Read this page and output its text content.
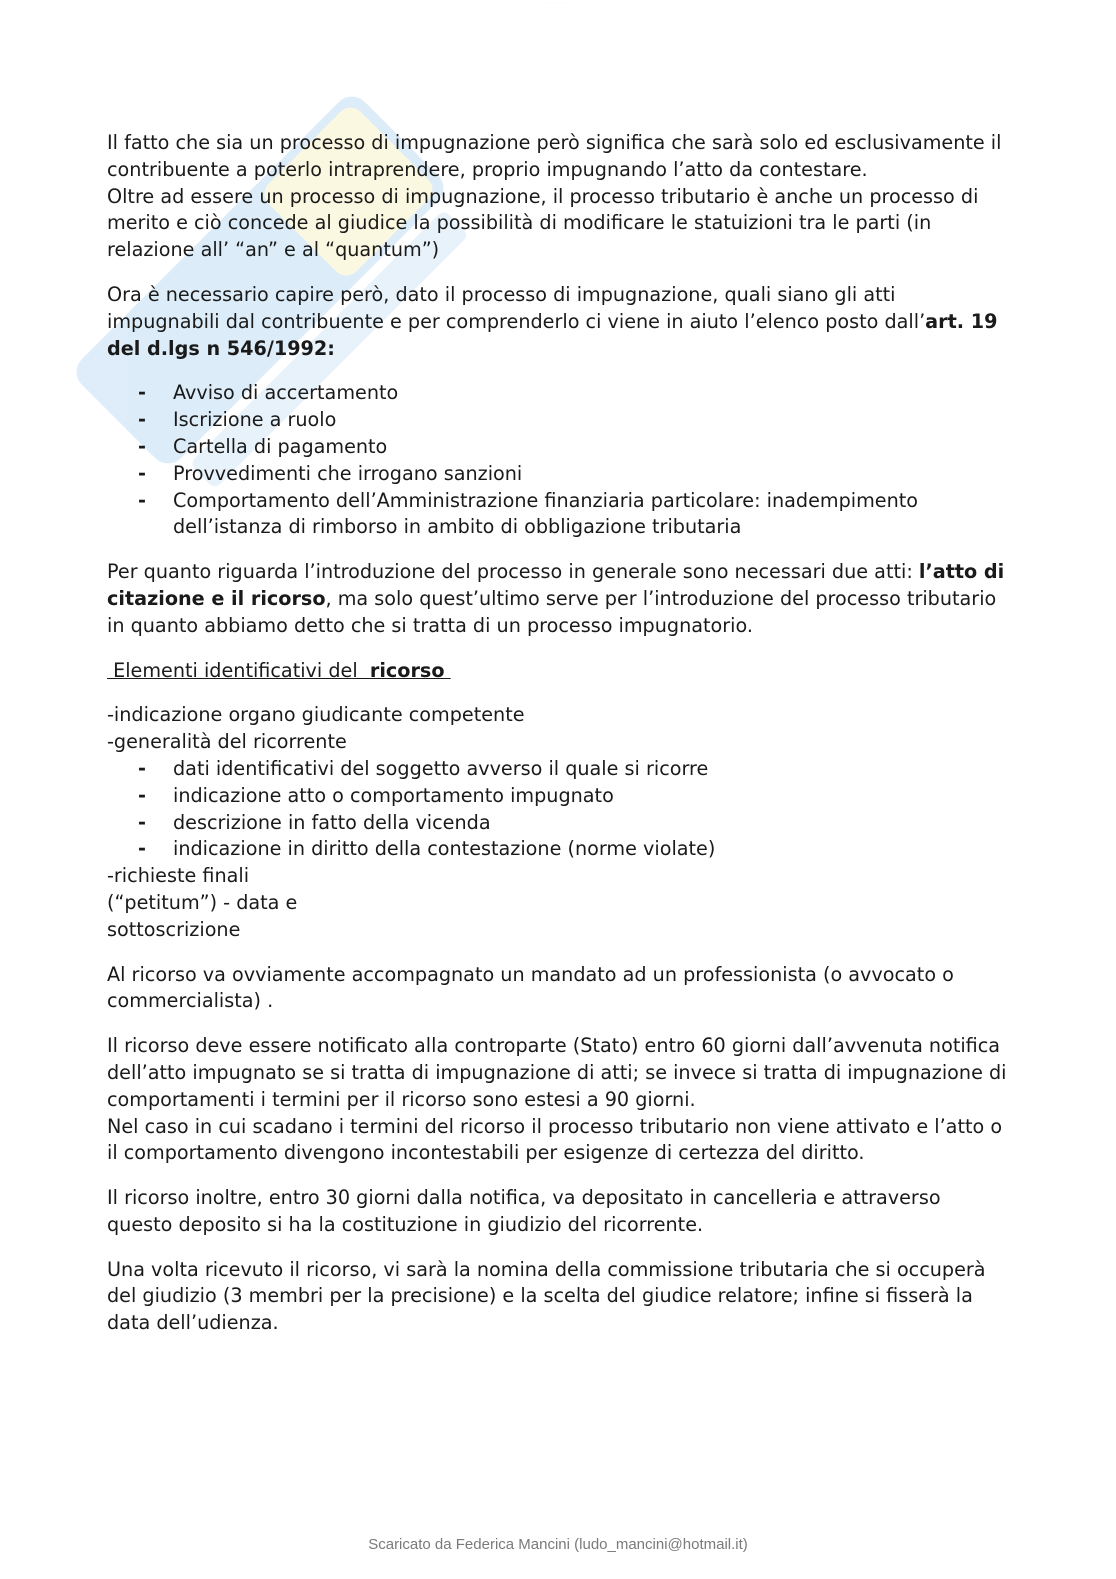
· · · · · · · · · · · ·

Il fatto che sia un processo di impugnazione però significa che sarà solo ed esclusivamente il contribuente a poterlo intraprendere, proprio impugnando l’atto da contestare.

Oltre ad essere un processo di impugnazione, il processo tributario è anche un processo di merito e ciò concede al giudice la possibilità di modificare le statuizioni tra le parti (in relazione all’ “an” e al “quantum”)

Ora è necessario capire però, dato il processo di impugnazione, quali siano gli atti impugnabili dal contribuente e per comprenderlo ci viene in aiuto l’elenco posto dall’art. 19 del d.lgs n 546/1992:

- Avviso di accertamento
- Iscrizione a ruolo
- Cartella di pagamento
- Provvedimenti che irrogano sanzioni
- Comportamento dell’Amministrazione finanziaria particolare: inadempimento dell’istanza di rimborso in ambito di obbligazione tributaria

Per quanto riguarda l’introduzione del processo in generale sono necessari due atti: l’atto di citazione e il ricorso, ma solo quest’ultimo serve per l’introduzione del processo tributario in quanto abbiamo detto che si tratta di un processo impugnatorio.

Elementi identificativi del  ricorso

-indicazione organo giudicante competente
-generalità del ricorrente
- dati identificativi del soggetto avverso il quale si ricorre
- indicazione atto o comportamento impugnato
- descrizione in fatto della vicenda
- indicazione in diritto della contestazione (norme violate)
-richieste finali
(“petitum”) - data e
sottoscrizione

Al ricorso va ovviamente accompagnato un mandato ad un professionista (o avvocato o commercialista) .

Il ricorso deve essere notificato alla controparte (Stato) entro 60 giorni dall’avvenuta notifica dell’atto impugnato se si tratta di impugnazione di atti; se invece si tratta di impugnazione di comportamenti i termini per il ricorso sono estesi a 90 giorni.

Nel caso in cui scadano i termini del ricorso il processo tributario non viene attivato e l’atto o il comportamento divengono incontestabili per esigenze di certezza del diritto.

Il ricorso inoltre, entro 30 giorni dalla notifica, va depositato in cancelleria e attraverso questo deposito si ha la costituzione in giudizio del ricorrente.

Una volta ricevuto il ricorso, vi sarà la nomina della commissione tributaria che si occuperà del giudizio (3 membri per la precisione) e la scelta del giudice relatore; infine si fisserà la data dell’udienza.

Scaricato da Federica Mancini (ludo_mancini@hotmail.it)
